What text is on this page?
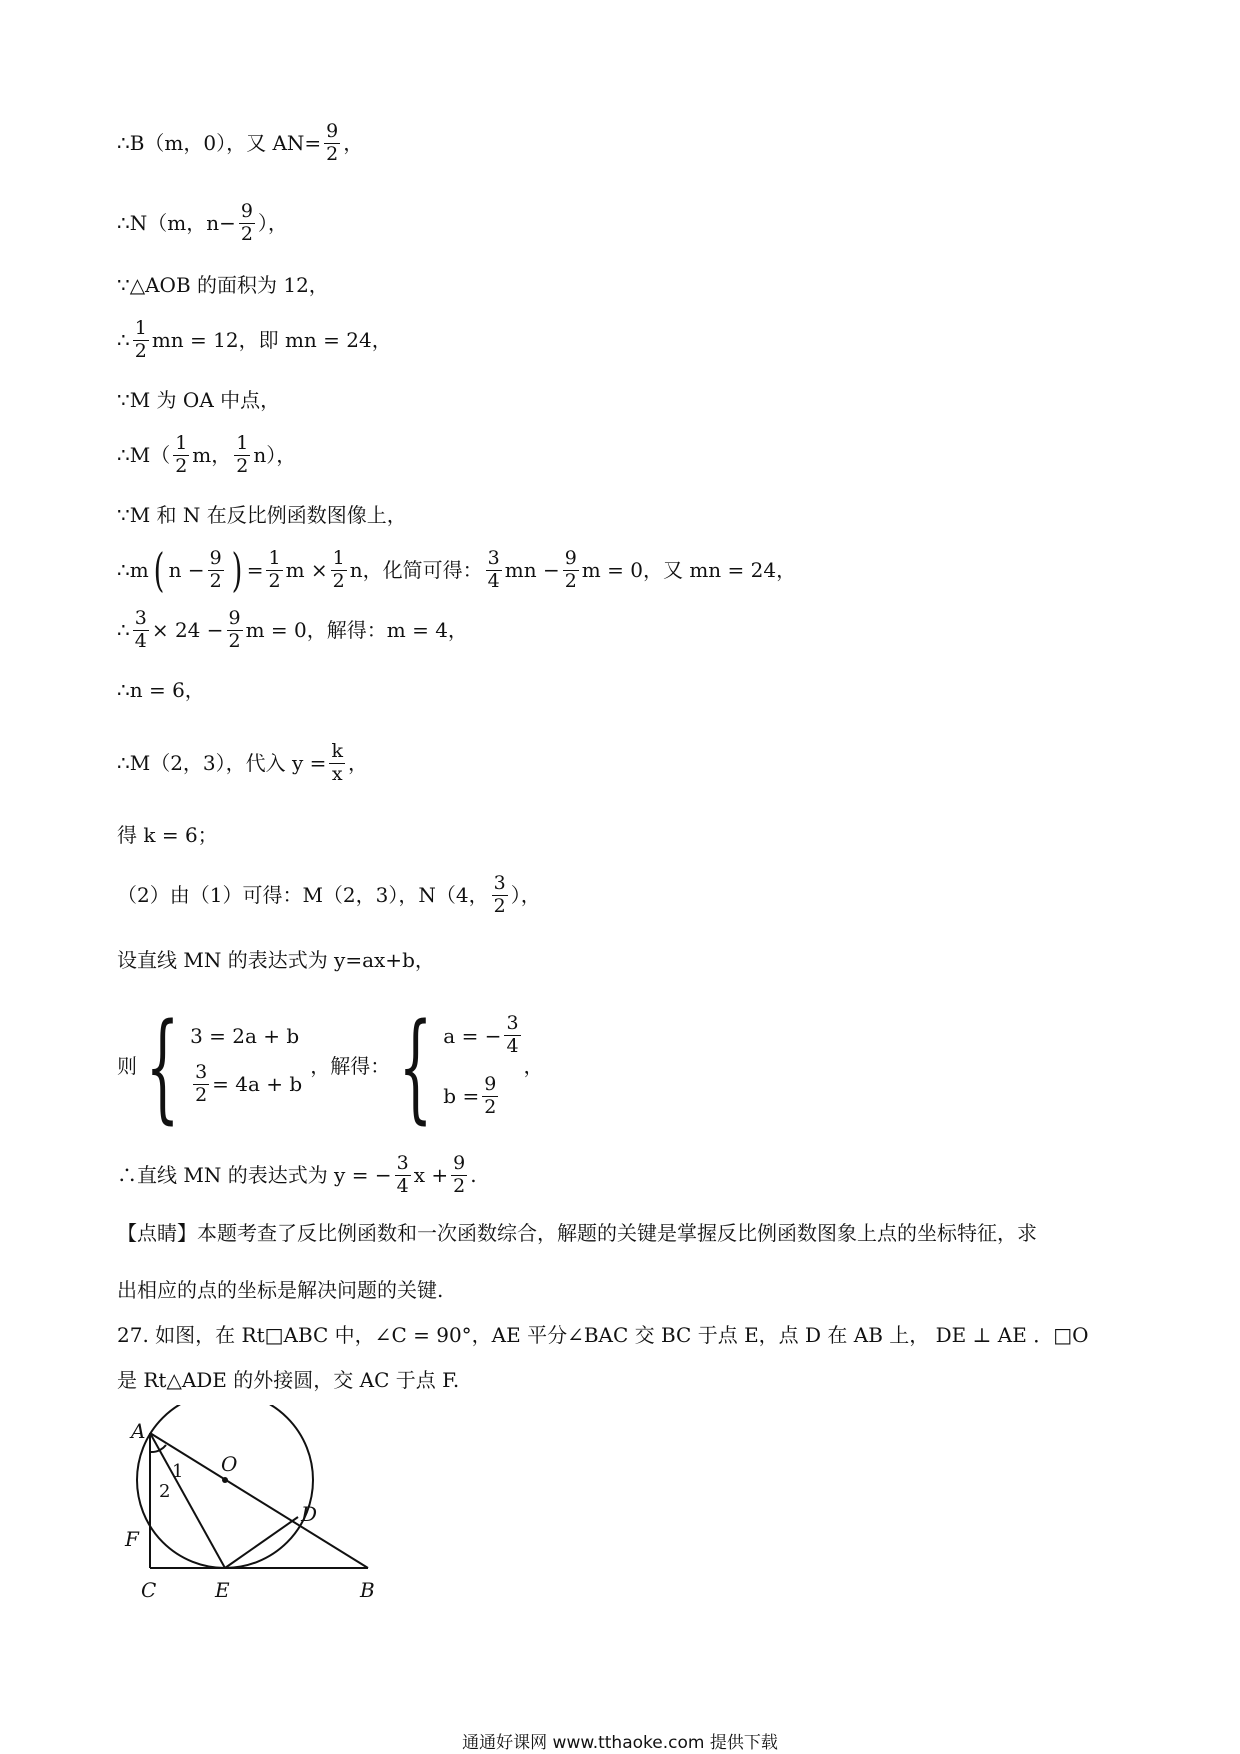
∴B（m，0），又 $AN= \frac{9}{2}$ ，
∴N（m，$n- \frac{9}{2}$ ），
∵△AOB 的面积为 12，
∴
1
2 mn = 12，即 mn = 24，
∵M 为 OA 中点，
∴M（
1
2 m，
1
2 n），
∵M 和 N 在反比例函数图像上，
∴m ( $n - \frac{9}{2}$ ) = $\frac{1}{2}$ $m \times \frac{1}{2}$ n，化简可得：
3
4 mn − $\frac{9}{2}$ m = 0，又 mn = 24，
∴ $\frac{3}{4} \times 24 - \frac{9}{2}$ m = 0，解得：m = 4，
∴n = 6，
∴M（2，3），代入 $y = \frac{k}{x}$ ，
得 k = 6；
（2）由（1）可得：M（2，3），N（4，
3
2 ），
设直线 MN 的表达式为 y=ax+b，
则 { 3 = 2a + b
$\frac{3}{2} = 4a + b$
，解得： { a = − $\frac{3}{4}$
$b = \frac{9}{2}$
，
∴直线 MN 的表达式为 y = − $\frac{3}{4}$ $x + \frac{9}{2}$ .
【点睛】本题考查了反比例函数和一次函数综合，解题的关键是掌握反比例函数图象上点的坐标特征，求
出相应的点的坐标是解决问题的关键.
27. 如图，在 Rt□ABC 中，∠C = 90°，AE 平分∠BAC 交 BC 于点 E，点 D 在 AB 上， DE ⊥ AE ．□O
是 Rt△ADE 的外接圆，交 AC 于点 F.
A
O
1
2
D
F
C	E	B
通通好课网 www.tthaoke.com 提供下载
